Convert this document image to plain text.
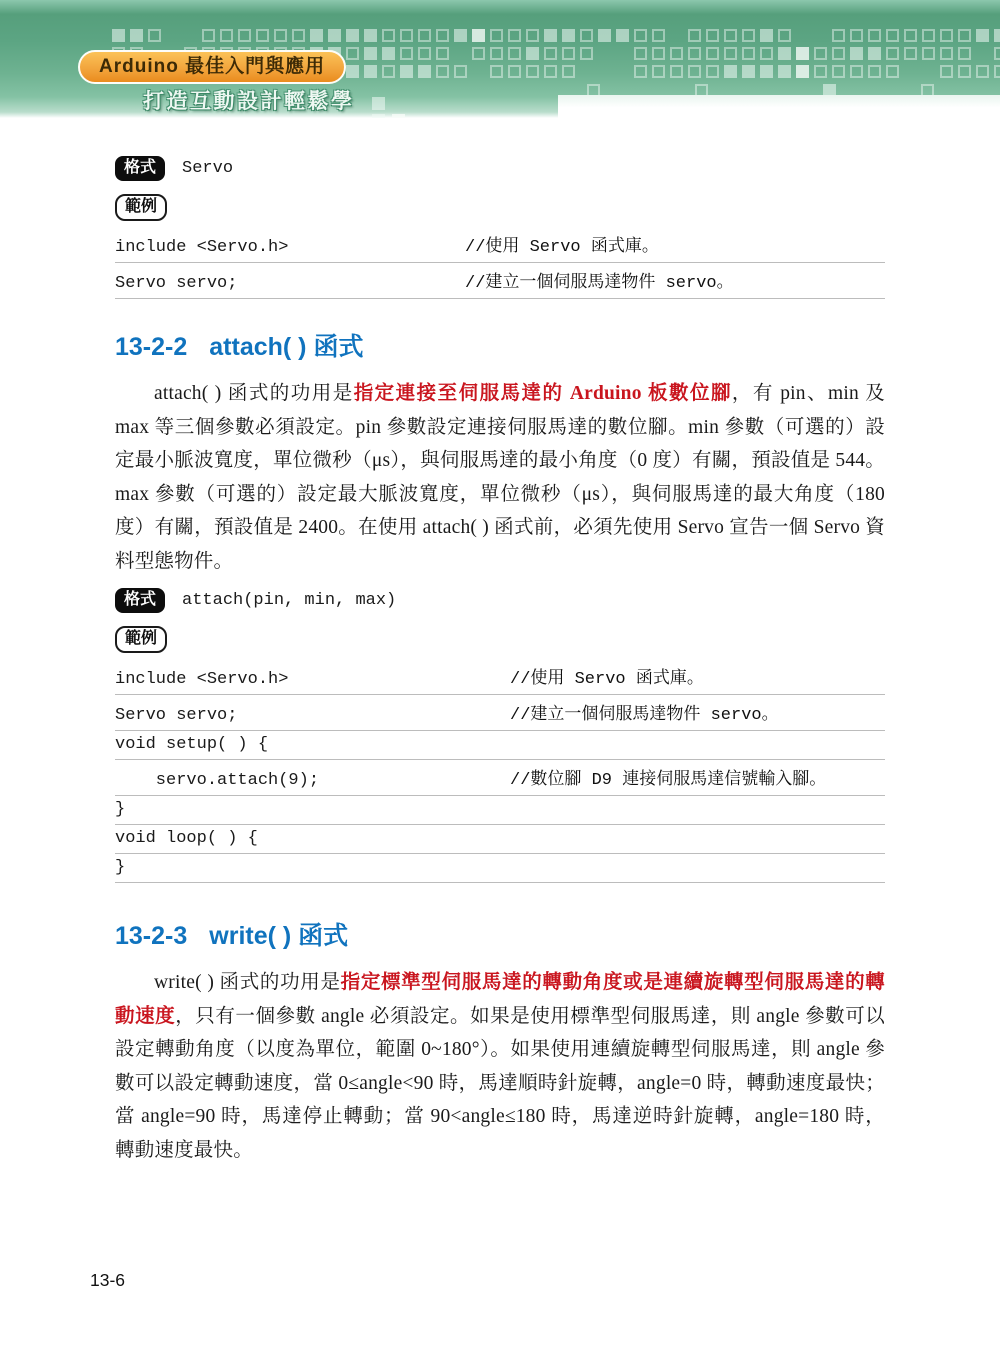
Arduino 最佳入門與應用
打造互動設計輕鬆學
格式	Servo
範例
include <Servo.h>	//使用 Servo 函式庫。
Servo servo;	//建立一個伺服馬達物件 servo。
13-2-2 attach( ) 函式

attach( ) 函式的功用是指定連接至伺服馬達的 Arduino 板數位腳，有 pin、min 及 max 等三個參數必須設定。pin 參數設定連接伺服馬達的數位腳。min 參數（可選的）設定最小脈波寬度，單位微秒（μs），與伺服馬達的最小角度（0 度）有關，預設值是 544。max 參數（可選的）設定最大脈波寬度，單位微秒（μs），與伺服馬達的最大角度（180 度）有關，預設值是 2400。在使用 attach( ) 函式前，必須先使用 Servo 宣告一個 Servo 資料型態物件。

格式	attach(pin, min, max)
範例
include <Servo.h>	//使用 Servo 函式庫。
Servo servo;	//建立一個伺服馬達物件 servo。
void setup( ) {
servo.attach(9);	//數位腳 D9 連接伺服馬達信號輸入腳。
}
void loop( ) {
}
13-2-3 write( ) 函式

write( ) 函式的功用是指定標準型伺服馬達的轉動角度或是連續旋轉型伺服馬達的轉動速度，只有一個參數 angle 必須設定。如果是使用標準型伺服馬達，則 angle 參數可以設定轉動角度（以度為單位，範圍 0~180°）。如果使用連續旋轉型伺服馬達，則 angle 參數可以設定轉動速度，當 0≤angle<90 時，馬達順時針旋轉，angle=0 時，轉動速度最快；當 angle=90 時，馬達停止轉動；當 90<angle≤180 時，馬達逆時針旋轉，angle=180 時，轉動速度最快。

13-6
